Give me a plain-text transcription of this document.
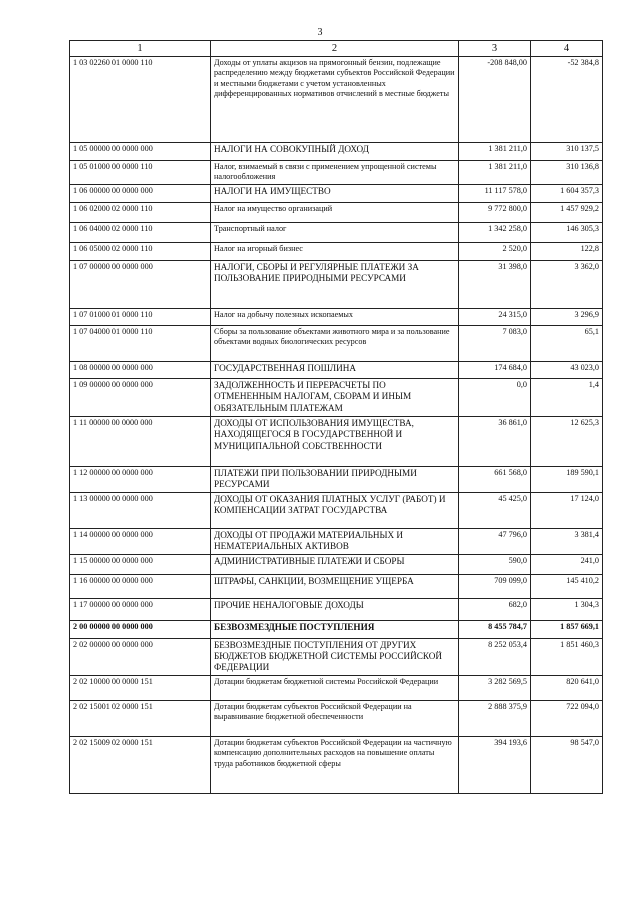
3
1	2	3	4
1 03 02260 01 0000 110	Доходы от уплаты акцизов на прямогонный бензин, подлежащие распределению между бюджетами субъектов Российской Федерации и местными бюджетами с учетом установленных дифференцированных нормативов отчислений в местные бюджеты	-208 848,00	-52 384,8
1 05 00000 00 0000 000	НАЛОГИ НА СОВОКУПНЫЙ ДОХОД	1 381 211,0	310 137,5
1 05 01000 00 0000 110	Налог, взимаемый в связи с применением упрощенной системы налогообложения	1 381 211,0	310 136,8
1 06 00000 00 0000 000	НАЛОГИ НА ИМУЩЕСТВО	11 117 578,0	1 604 357,3
1 06 02000 02 0000 110	Налог на имущество организаций	9 772 800,0	1 457 929,2
1 06 04000 02 0000 110	Транспортный налог	1 342 258,0	146 305,3
1 06 05000 02 0000 110	Налог на игорный бизнес	2 520,0	122,8
1 07 00000 00 0000 000	НАЛОГИ, СБОРЫ И РЕГУЛЯРНЫЕ ПЛАТЕЖИ ЗА ПОЛЬЗОВАНИЕ ПРИРОДНЫМИ РЕСУРСАМИ	31 398,0	3 362,0
1 07 01000 01 0000 110	Налог на добычу полезных ископаемых	24 315,0	3 296,9
1 07 04000 01 0000 110	Сборы за пользование объектами животного мира и за пользование объектами водных биологических ресурсов	7 083,0	65,1
1 08 00000 00 0000 000	ГОСУДАРСТВЕННАЯ ПОШЛИНА	174 684,0	43 023,0
1 09 00000 00 0000 000	ЗАДОЛЖЕННОСТЬ И ПЕРЕРАСЧЕТЫ ПО ОТМЕНЕННЫМ НАЛОГАМ, СБОРАМ И ИНЫМ ОБЯЗАТЕЛЬНЫМ ПЛАТЕЖАМ	0,0	1,4
1 11 00000 00 0000 000	ДОХОДЫ ОТ ИСПОЛЬЗОВАНИЯ ИМУЩЕСТВА, НАХОДЯЩЕГОСЯ В ГОСУДАРСТВЕННОЙ И МУНИЦИПАЛЬНОЙ СОБСТВЕННОСТИ	36 861,0	12 625,3
1 12 00000 00 0000 000	ПЛАТЕЖИ ПРИ ПОЛЬЗОВАНИИ ПРИРОДНЫМИ РЕСУРСАМИ	661 568,0	189 590,1
1 13 00000 00 0000 000	ДОХОДЫ ОТ ОКАЗАНИЯ ПЛАТНЫХ УСЛУГ (РАБОТ) И КОМПЕНСАЦИИ ЗАТРАТ ГОСУДАРСТВА	45 425,0	17 124,0
1 14 00000 00 0000 000	ДОХОДЫ ОТ ПРОДАЖИ МАТЕРИАЛЬНЫХ И НЕМАТЕРИАЛЬНЫХ АКТИВОВ	47 796,0	3 381,4
1 15 00000 00 0000 000	АДМИНИСТРАТИВНЫЕ ПЛАТЕЖИ И СБОРЫ	590,0	241,0
1 16 00000 00 0000 000	ШТРАФЫ, САНКЦИИ, ВОЗМЕЩЕНИЕ УЩЕРБА	709 099,0	145 410,2
1 17 00000 00 0000 000	ПРОЧИЕ НЕНАЛОГОВЫЕ ДОХОДЫ	682,0	1 304,3
2 00 00000 00 0000 000	БЕЗВОЗМЕЗДНЫЕ ПОСТУПЛЕНИЯ	8 455 784,7	1 857 669,1
2 02 00000 00 0000 000	БЕЗВОЗМЕЗДНЫЕ ПОСТУПЛЕНИЯ ОТ ДРУГИХ БЮДЖЕТОВ БЮДЖЕТНОЙ СИСТЕМЫ РОССИЙСКОЙ ФЕДЕРАЦИИ	8 252 053,4	1 851 460,3
2 02 10000 00 0000 151	Дотации бюджетам бюджетной системы Российской Федерации	3 282 569,5	820 641,0
2 02 15001 02 0000 151	Дотации бюджетам субъектов Российской Федерации на выравнивание бюджетной обеспеченности	2 888 375,9	722 094,0
2 02 15009 02 0000 151	Дотации бюджетам субъектов Российской Федерации на частичную компенсацию дополнительных расходов на повышение оплаты труда работников бюджетной сферы	394 193,6	98 547,0
